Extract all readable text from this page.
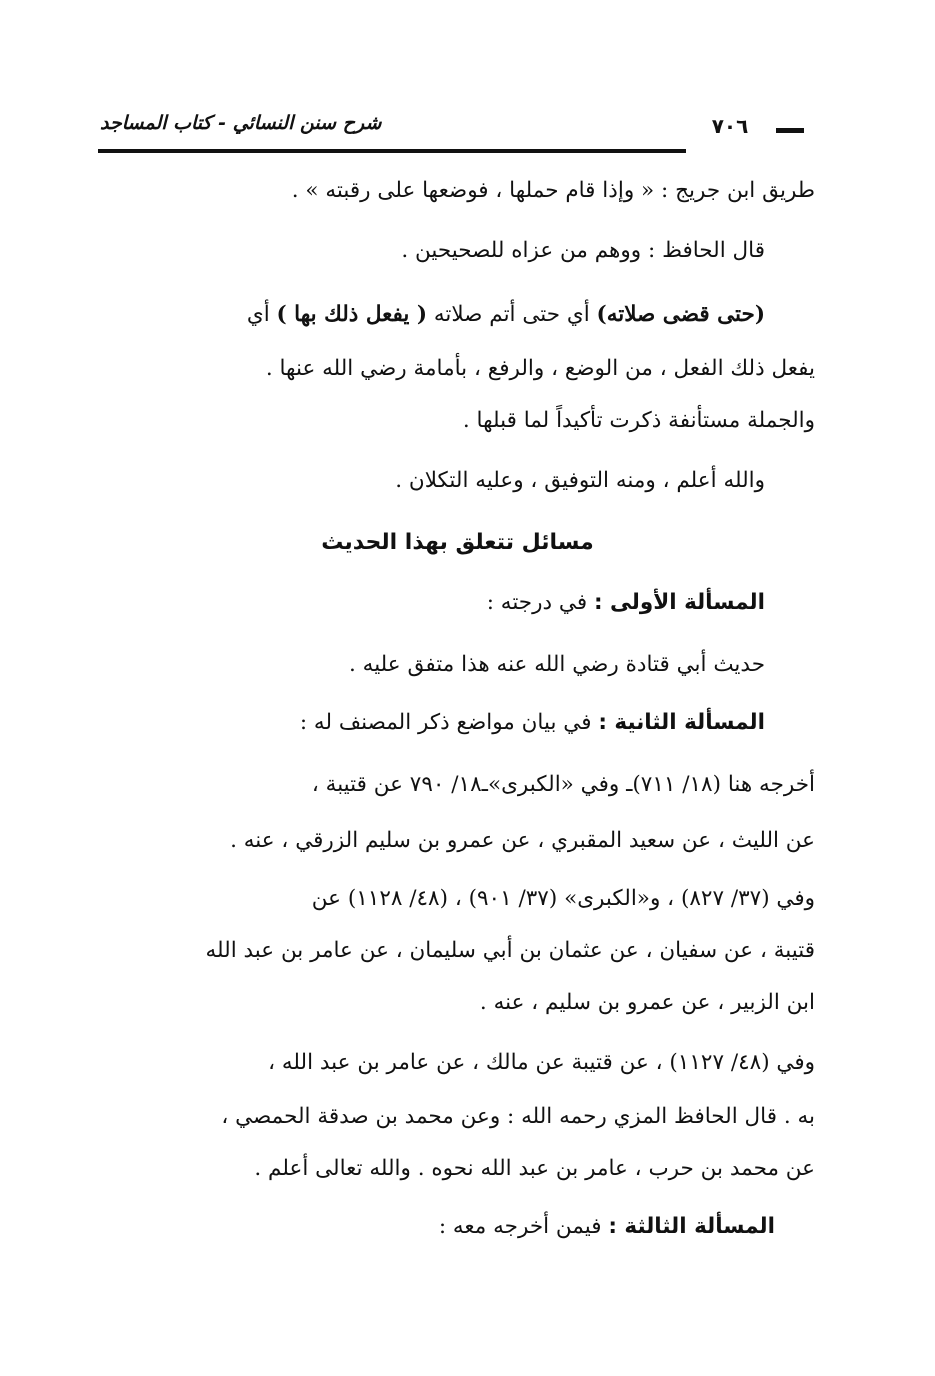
شرح سنن النسائي - كتاب المساجد	٧٠٦
طريق ابن جريج : « وإذا قام حملها ، فوضعها على رقبته » .
قال الحافظ : ووهم من عزاه للصحيحين .
(حتى قضى صلاته) أي حتى أتم صلاته ( يفعل ذلك بها ) أي
يفعل ذلك الفعل ، من الوضع ، والرفع ، بأمامة رضي الله عنها .
والجملة مستأنفة ذكرت تأكيداً لما قبلها .
والله أعلم ، ومنه التوفيق ، وعليه التكلان .
مسائل تتعلق بهذا الحديث
المسألة الأولى : في درجته :
حديث أبي قتادة رضي الله عنه هذا متفق عليه .
المسألة الثانية : في بيان مواضع ذكر المصنف له :
أخرجه هنا (١٨/ ٧١١)ـ وفي «الكبرى»ـ١٨/ ٧٩٠ عن قتيبة ،
عن الليث ، عن سعيد المقبري ، عن عمرو بن سليم الزرقي ، عنه .
وفي (٣٧/ ٨٢٧) ، و«الكبرى» (٣٧/ ٩٠١) ، (٤٨/ ١١٢٨) عن
قتيبة ، عن سفيان ، عن عثمان بن أبي سليمان ، عن عامر بن عبد الله
ابن الزبير ، عن عمرو بن سليم ، عنه .
وفي (٤٨/ ١١٢٧) ، عن قتيبة عن مالك ، عن عامر بن عبد الله ،
به . قال الحافظ المزي رحمه الله : وعن محمد بن صدقة الحمصي ،
عن محمد بن حرب ، عامر بن عبد الله نحوه . والله تعالى أعلم .
المسألة الثالثة : فيمن أخرجه معه :
